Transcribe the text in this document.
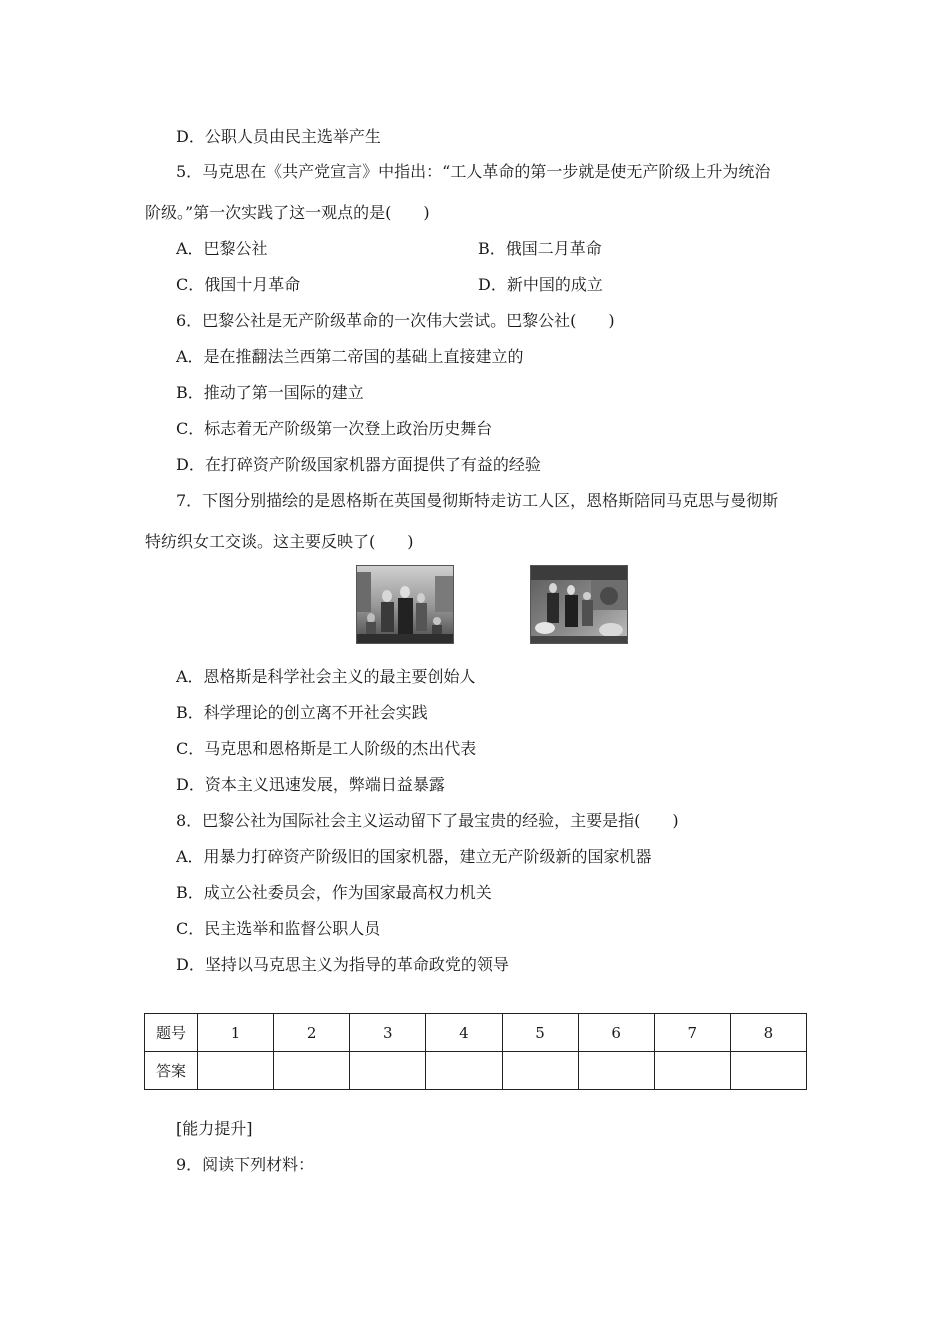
D．公职人员由民主选举产生
5．马克思在《共产党宣言》中指出：“工人革命的第一步就是使无产阶级上升为统治
阶级。”第一次实践了这一观点的是(　　)
A．巴黎公社	B．俄国二月革命
C．俄国十月革命	D．新中国的成立
6．巴黎公社是无产阶级革命的一次伟大尝试。巴黎公社(　　)
A．是在推翻法兰西第二帝国的基础上直接建立的
B．推动了第一国际的建立
C．标志着无产阶级第一次登上政治历史舞台
D．在打碎资产阶级国家机器方面提供了有益的经验
7．下图分别描绘的是恩格斯在英国曼彻斯特走访工人区，恩格斯陪同马克思与曼彻斯
特纺织女工交谈。这主要反映了(　　)
A．恩格斯是科学社会主义的最主要创始人
B．科学理论的创立离不开社会实践
C．马克思和恩格斯是工人阶级的杰出代表
D．资本主义迅速发展，弊端日益暴露
8．巴黎公社为国际社会主义运动留下了最宝贵的经验，主要是指(　　)
A．用暴力打碎资产阶级旧的国家机器，建立无产阶级新的国家机器
B．成立公社委员会，作为国家最高权力机关
C．民主选举和监督公职人员
D．坚持以马克思主义为指导的革命政党的领导
题号	1	2	3	4	5	6	7	8
答案								
[能力提升]
9．阅读下列材料：
